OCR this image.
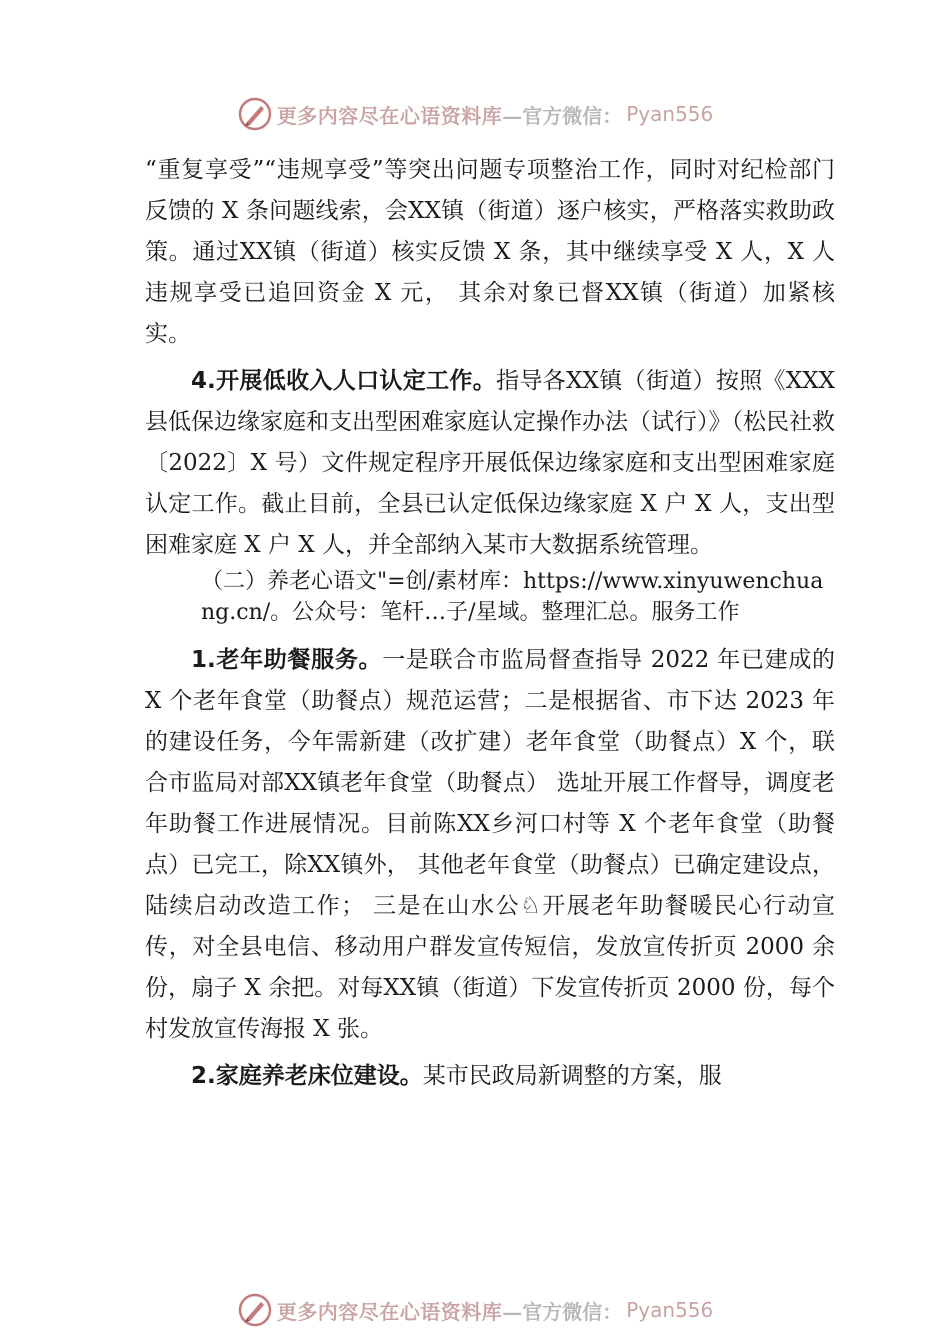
更多内容尽在心语资料库 —官方微信： Pyan556

“重复享受”“违规享受”等突出问题专项整治工作，同时对纪检部门反馈的 X 条问题线索，会XX镇（街道）逐户核实，严格落实救助政策。通过XX镇（街道）核实反馈 X 条，其中继续享受 X 人，X 人违规享受已追回资金 X 元， 其余对象已督XX镇（街道）加紧核实。

4.开展低收入人口认定工作。指导各XX镇（街道）按照《XXX县低保边缘家庭和支出型困难家庭认定操作办法（试行）》（松民社救〔2022〕X 号）文件规定程序开展低保边缘家庭和支出型困难家庭认定工作。截止目前，全县已认定低保边缘家庭 X 户 X 人，支出型困难家庭 X 户 X 人，并全部纳入某市大数据系统管理。

（二）养老心语文"=创/素材库：https://www.xinyuwenchuang.cn/。公众号：笔杆…子/星域。整理汇总。服务工作

1.老年助餐服务。一是联合市监局督查指导 2022 年已建成的 X 个老年食堂（助餐点）规范运营；二是根据省、市下达 2023 年的建设任务，今年需新建（改扩建）老年食堂（助餐点）X 个，联合市监局对部XX镇老年食堂（助餐点） 选址开展工作督导，调度老年助餐工作进展情况。目前陈XX乡河口村等 X 个老年食堂（助餐点）已完工，除XX镇外， 其他老年食堂（助餐点）已确定建设点，陆续启动改造工作； 三是在山水公♘开展老年助餐暖民心行动宣传，对全县电信、移动用户群发宣传短信，发放宣传折页 2000 余份，扇子 X 余把。对每XX镇（街道）下发宣传折页 2000 份，每个村发放宣传海报 X 张。

2.家庭养老床位建设。某市民政局新调整的方案，服

更多内容尽在心语资料库 —官方微信： Pyan556
